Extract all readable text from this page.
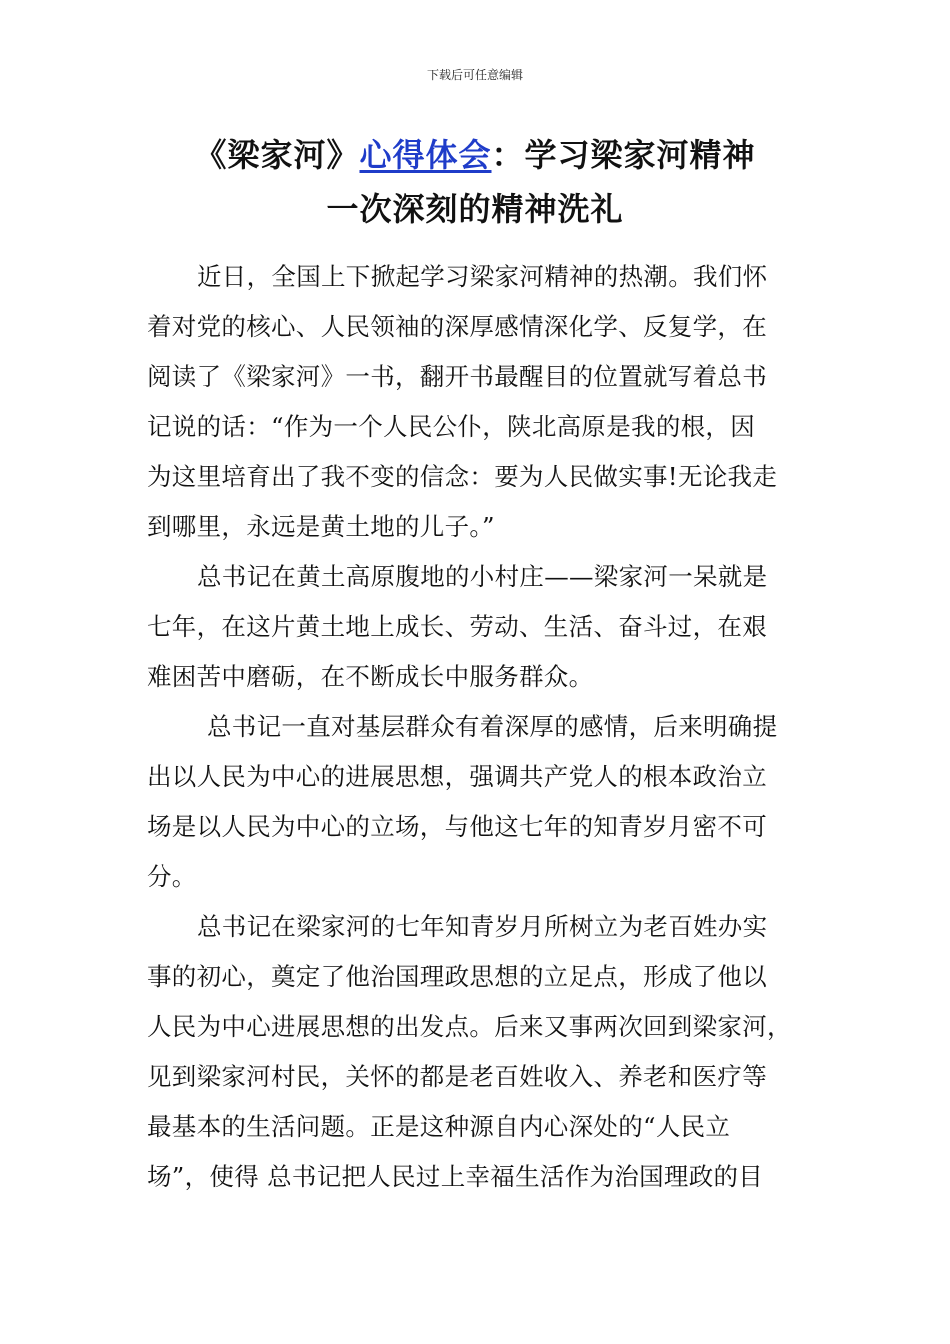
下载后可任意编辑
《梁家河》心得体会：学习梁家河精神
一次深刻的精神洗礼
近日，全国上下掀起学习梁家河精神的热潮。我们怀
着对党的核心、人民领袖的深厚感情深化学、反复学，在
阅读了《梁家河》一书，翻开书最醒目的位置就写着总书
记说的话：“作为一个人民公仆，陕北高原是我的根，因
为这里培育出了我不变的信念：要为人民做实事!无论我走
到哪里，永远是黄土地的儿子。”
总书记在黄土高原腹地的小村庄——梁家河一呆就是
七年，在这片黄土地上成长、劳动、生活、奋斗过，在艰
难困苦中磨砺，在不断成长中服务群众。
总书记一直对基层群众有着深厚的感情，后来明确提
出以人民为中心的进展思想，强调共产党人的根本政治立
场是以人民为中心的立场，与他这七年的知青岁月密不可
分。
总书记在梁家河的七年知青岁月所树立为老百姓办实
事的初心，奠定了他治国理政思想的立足点，形成了他以
人民为中心进展思想的出发点。后来又事两次回到梁家河，
见到梁家河村民，关怀的都是老百姓收入、养老和医疗等
最基本的生活问题。正是这种源自内心深处的“人民立
场”，使得 总书记把人民过上幸福生活作为治国理政的目
